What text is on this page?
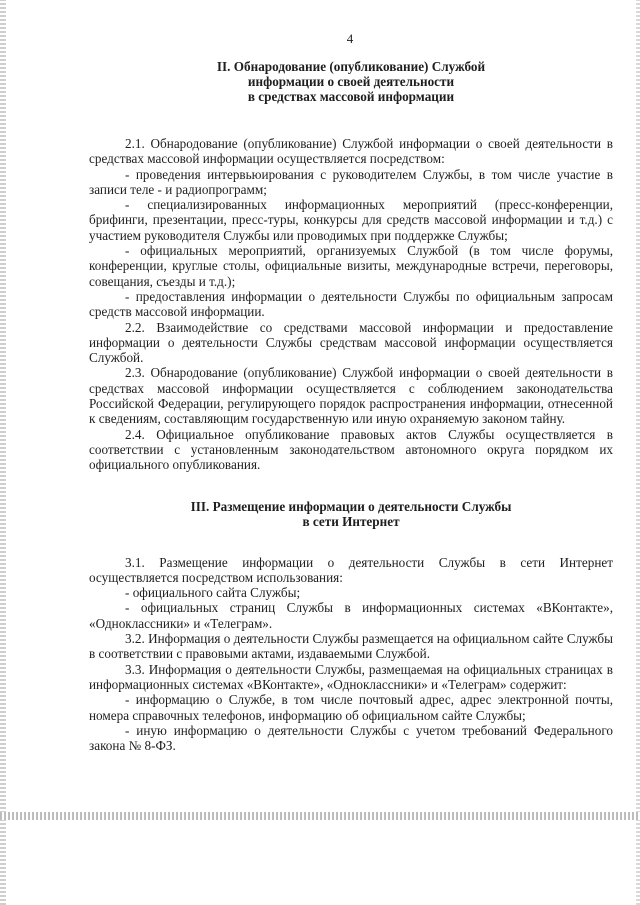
4
II. Обнародование (опубликование) Службой
информации о своей деятельности
в средствах массовой информации

2.1. Обнародование (опубликование) Службой информации о своей деятельности в средствах массовой информации осуществляется посредством:

- проведения интервьюирования с руководителем Службы, в том числе участие в записи теле - и радиопрограмм;

- специализированных информационных мероприятий (пресс-конференции, брифинги, презентации, пресс-туры, конкурсы для средств массовой информации и т.д.) с участием руководителя Службы или проводимых при поддержке Службы;

- официальных мероприятий, организуемых Службой (в том числе форумы, конференции, круглые столы, официальные визиты, международные встречи, переговоры, совещания, съезды и т.д.);

- предоставления информации о деятельности Службы по официальным запросам средств массовой информации.

2.2. Взаимодействие со средствами массовой информации и предоставление информации о деятельности Службы средствам массовой информации осуществляется Службой.

2.3. Обнародование (опубликование) Службой информации о своей деятельности в средствах массовой информации осуществляется с соблюдением законодательства Российской Федерации, регулирующего порядок распространения информации, отнесенной к сведениям, составляющим государственную или иную охраняемую законом тайну.

2.4. Официальное опубликование правовых актов Службы осуществляется в соответствии с установленным законодательством автономного округа порядком их официального опубликования.

III. Размещение информации о деятельности Службы
в сети Интернет

3.1. Размещение информации о деятельности Службы в сети Интернет осуществляется посредством использования:

- официального сайта Службы;

- официальных страниц Службы в информационных системах «ВКонтакте», «Одноклассники» и «Телеграм».

3.2. Информация о деятельности Службы размещается на официальном сайте Службы в соответствии с правовыми актами, издаваемыми Службой.

3.3. Информация о деятельности Службы, размещаемая на официальных страницах в информационных системах «ВКонтакте», «Одноклассники» и «Телеграм» содержит:

- информацию о Службе, в том числе почтовый адрес, адрес электронной почты, номера справочных телефонов, информацию об официальном сайте Службы;

- иную информацию о деятельности Службы с учетом требований Федерального закона № 8-ФЗ.
